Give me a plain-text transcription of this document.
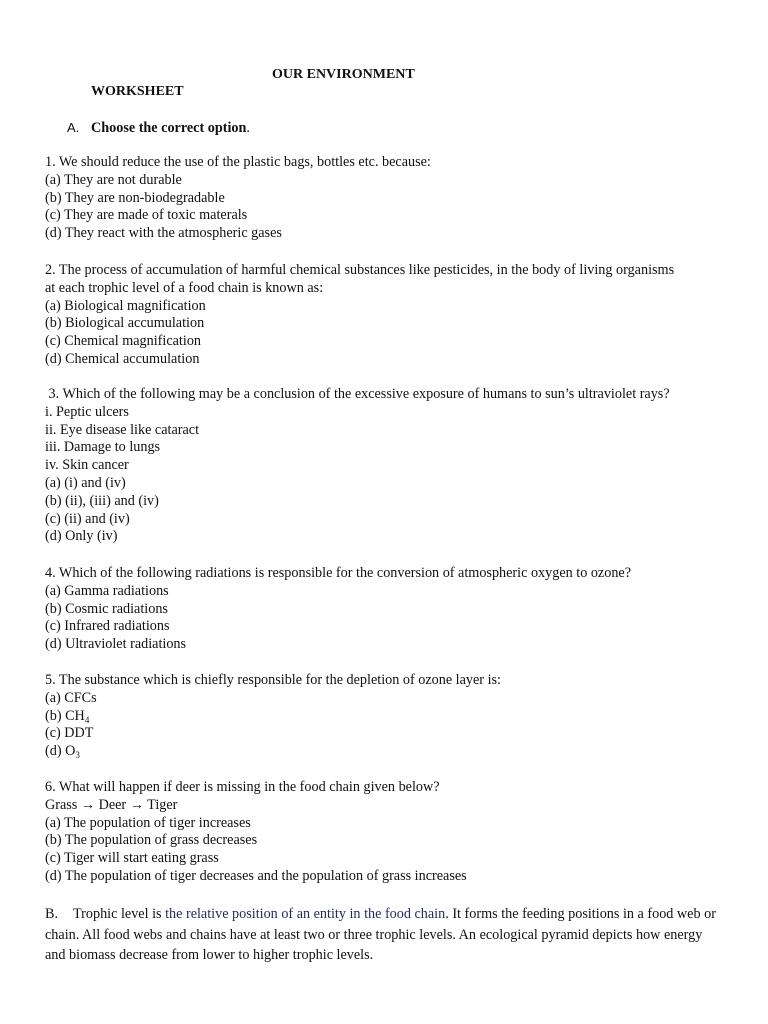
OUR ENVIRONMENT
WORKSHEET
A. Choose the correct option.
1. We should reduce the use of the plastic bags, bottles etc. because:
(a) They are not durable
(b) They are non-biodegradable
(c) They are made of toxic materals
(d) They react with the atmospheric gases
2. The process of accumulation of harmful chemical substances like pesticides, in the body of living organisms
at each trophic level of a food chain is known as:
(a) Biological magnification
(b) Biological accumulation
(c) Chemical magnification
(d) Chemical accumulation
3. Which of the following may be a conclusion of the excessive exposure of humans to sun’s ultraviolet rays?
i. Peptic ulcers
ii. Eye disease like cataract
iii. Damage to lungs
iv. Skin cancer
(a) (i) and (iv)
(b) (ii), (iii) and (iv)
(c) (ii) and (iv)
(d) Only (iv)
4. Which of the following radiations is responsible for the conversion of atmospheric oxygen to ozone?
(a) Gamma radiations
(b) Cosmic radiations
(c) Infrared radiations
(d) Ultraviolet radiations
5. The substance which is chiefly responsible for the depletion of ozone layer is:
(a) CFCs
(b) $CH_4$
(c) DDT
(d) $O_3$
6. What will happen if deer is missing in the food chain given below?
Grass → Deer → Tiger
(a) The population of tiger increases
(b) The population of grass decreases
(c) Tiger will start eating grass
(d) The population of tiger decreases and the population of grass increases
B. Trophic level is the relative position of an entity in the food chain. It forms the feeding positions in a food web or chain. All food webs and chains have at least two or three trophic levels. An ecological pyramid depicts how energy and biomass decrease from lower to higher trophic levels.
